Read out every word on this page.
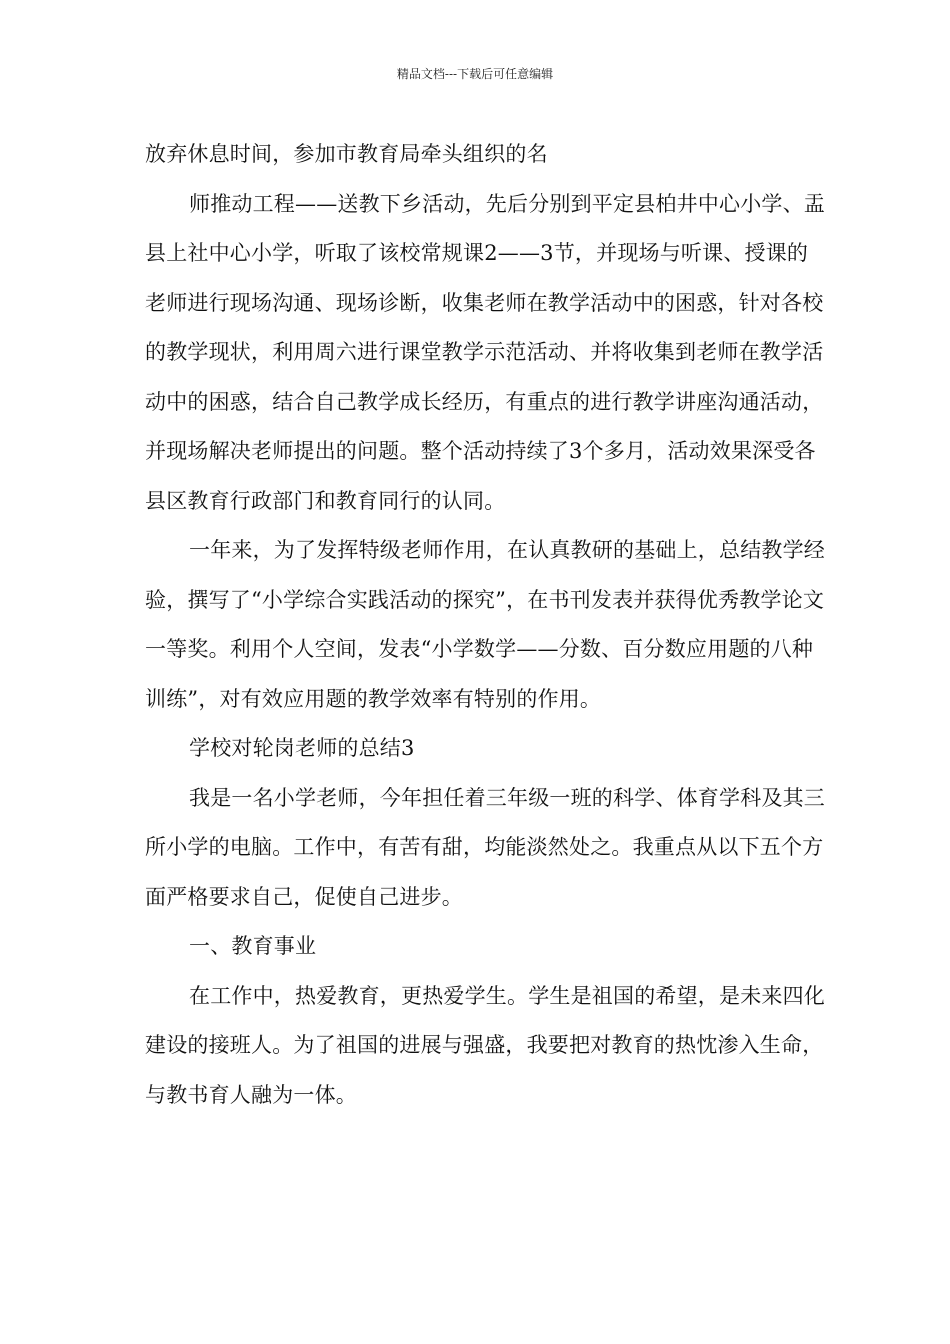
精品文档---下载后可任意编辑

放弃休息时间，参加市教育局牵头组织的名

师推动工程——送教下乡活动，先后分别到平定县柏井中心小学、盂县上社中心小学，听取了该校常规课2——3节，并现场与听课、授课的老师进行现场沟通、现场诊断，收集老师在教学活动中的困惑，针对各校的教学现状，利用周六进行课堂教学示范活动、并将收集到老师在教学活动中的困惑，结合自己教学成长经历，有重点的进行教学讲座沟通活动，并现场解决老师提出的问题。整个活动持续了3个多月，活动效果深受各县区教育行政部门和教育同行的认同。

一年来，为了发挥特级老师作用，在认真教研的基础上，总结教学经验，撰写了“小学综合实践活动的探究”，在书刊发表并获得优秀教学论文一等奖。利用个人空间，发表“小学数学——分数、百分数应用题的八种训练”，对有效应用题的教学效率有特别的作用。

学校对轮岗老师的总结3

我是一名小学老师，今年担任着三年级一班的科学、体育学科及其三所小学的电脑。工作中，有苦有甜，均能淡然处之。我重点从以下五个方面严格要求自己，促使自己进步。

一、教育事业

在工作中，热爱教育，更热爱学生。学生是祖国的希望，是未来四化建设的接班人。为了祖国的进展与强盛，我要把对教育的热忱渗入生命，与教书育人融为一体。
